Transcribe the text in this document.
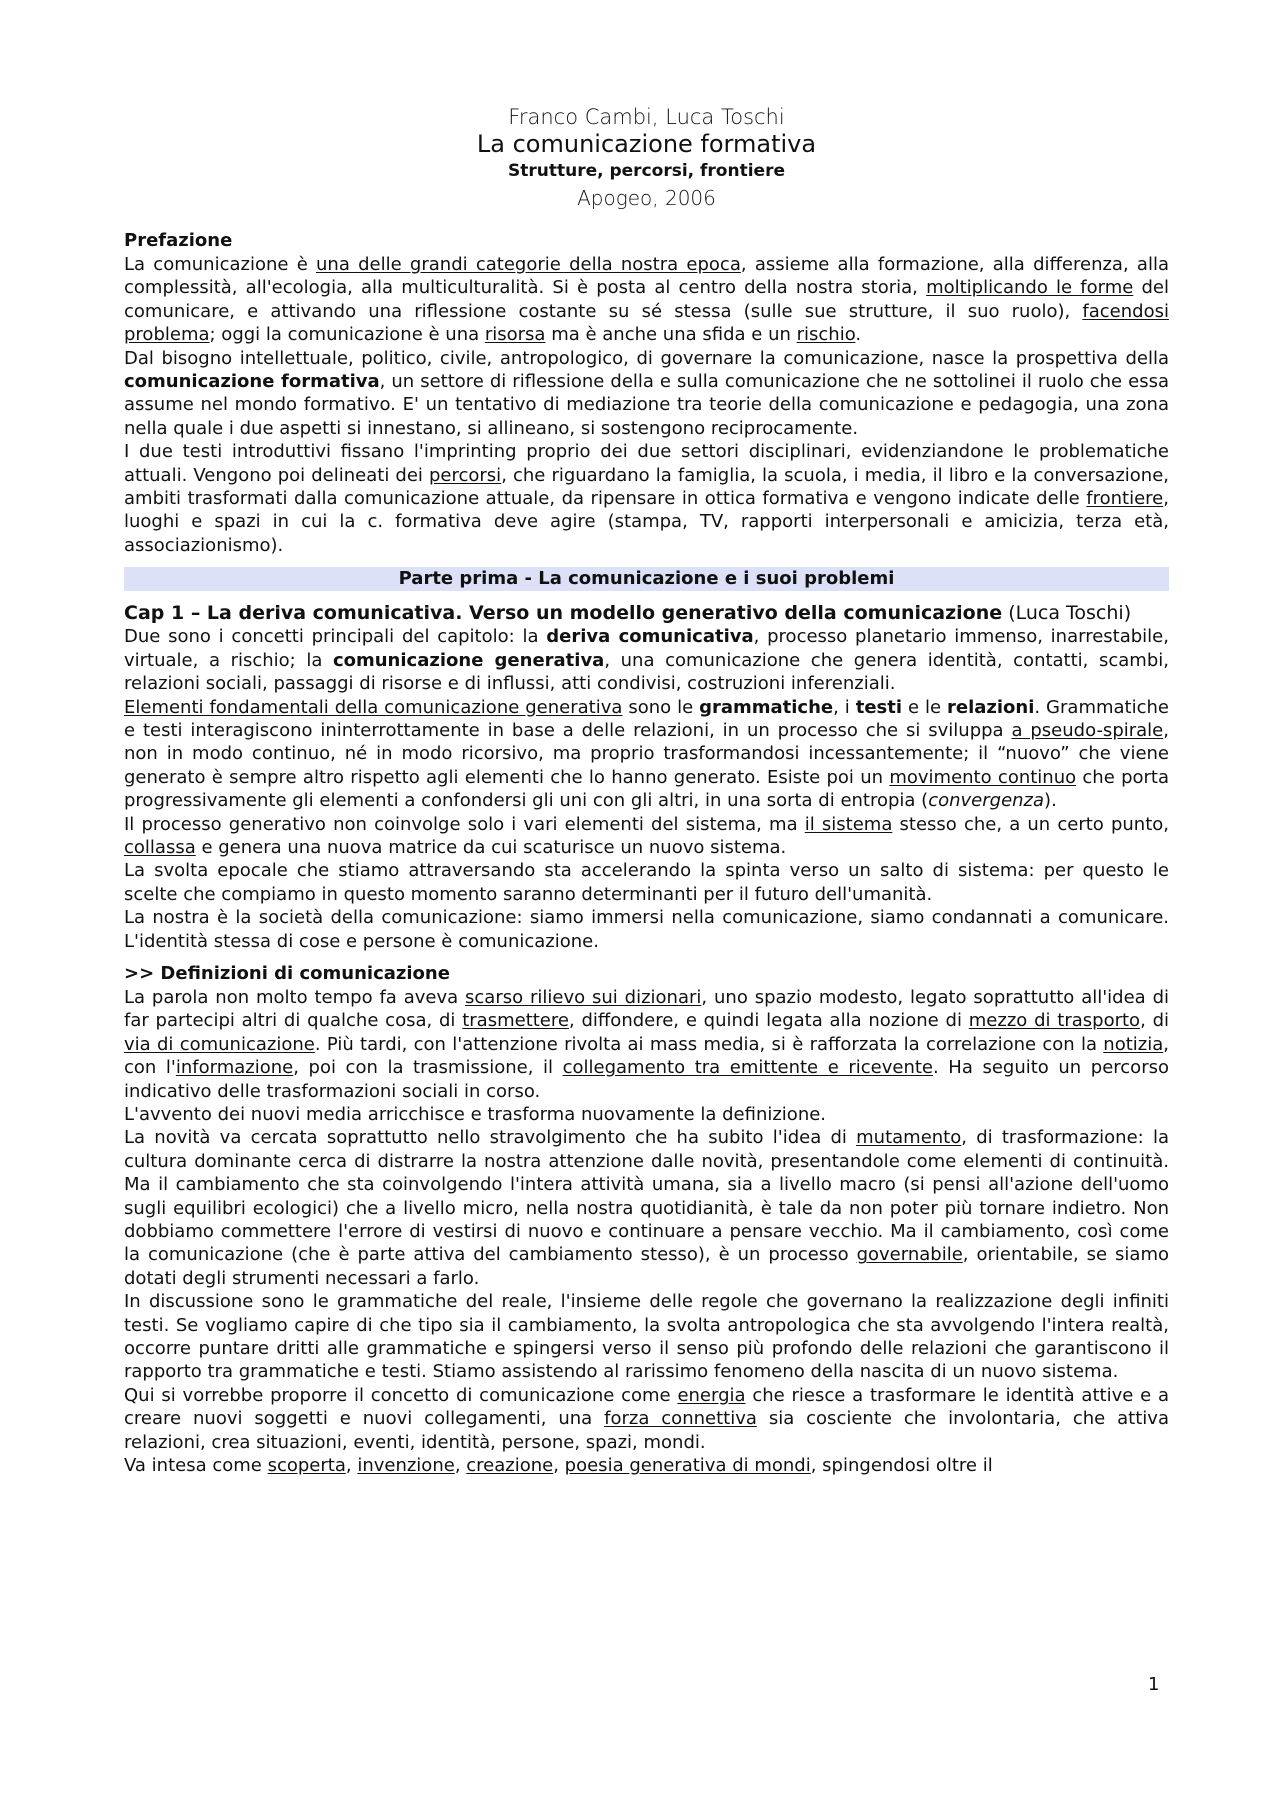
Franco Cambi, Luca Toschi
La comunicazione formativa
Strutture, percorsi, frontiere
Apogeo, 2006
Prefazione

La comunicazione è una delle grandi categorie della nostra epoca, assieme alla formazione, alla differenza, alla complessità, all'ecologia, alla multiculturalità. Si è posta al centro della nostra storia, moltiplicando le forme del comunicare, e attivando una riflessione costante su sé stessa (sulle sue strutture, il suo ruolo), facendosi problema; oggi la comunicazione è una risorsa ma è anche una sfida e un rischio.

Dal bisogno intellettuale, politico, civile, antropologico, di governare la comunicazione, nasce la prospettiva della comunicazione formativa, un settore di riflessione della e sulla comunicazione che ne sottolinei il ruolo che essa assume nel mondo formativo. E' un tentativo di mediazione tra teorie della comunicazione e pedagogia, una zona nella quale i due aspetti si innestano, si allineano, si sostengono reciprocamente.

I due testi introduttivi fissano l'imprinting proprio dei due settori disciplinari, evidenziandone le problematiche attuali. Vengono poi delineati dei percorsi, che riguardano la famiglia, la scuola, i media, il libro e la conversazione, ambiti trasformati dalla comunicazione attuale, da ripensare in ottica formativa e vengono indicate delle frontiere, luoghi e spazi in cui la c. formativa deve agire (stampa, TV, rapporti interpersonali e amicizia, terza età, associazionismo).

Parte prima - La comunicazione e i suoi problemi
Cap 1 – La deriva comunicativa. Verso un modello generativo della comunicazione (Luca Toschi)

Due sono i concetti principali del capitolo: la deriva comunicativa, processo planetario immenso, inarrestabile, virtuale, a rischio; la comunicazione generativa, una comunicazione che genera identità, contatti, scambi, relazioni sociali, passaggi di risorse e di influssi, atti condivisi, costruzioni inferenziali.

Elementi fondamentali della comunicazione generativa sono le grammatiche, i testi e le relazioni. Grammatiche e testi interagiscono ininterrottamente in base a delle relazioni, in un processo che si sviluppa a pseudo-spirale, non in modo continuo, né in modo ricorsivo, ma proprio trasformandosi incessantemente; il “nuovo” che viene generato è sempre altro rispetto agli elementi che lo hanno generato. Esiste poi un movimento continuo che porta progressivamente gli elementi a confondersi gli uni con gli altri, in una sorta di entropia (convergenza).

Il processo generativo non coinvolge solo i vari elementi del sistema, ma il sistema stesso che, a un certo punto, collassa e genera una nuova matrice da cui scaturisce un nuovo sistema.

La svolta epocale che stiamo attraversando sta accelerando la spinta verso un salto di sistema: per questo le scelte che compiamo in questo momento saranno determinanti per il futuro dell'umanità.

La nostra è la società della comunicazione: siamo immersi nella comunicazione, siamo condannati a comunicare. L'identità stessa di cose e persone è comunicazione.

>> Definizioni di comunicazione

La parola non molto tempo fa aveva scarso rilievo sui dizionari, uno spazio modesto, legato soprattutto all'idea di far partecipi altri di qualche cosa, di trasmettere, diffondere, e quindi legata alla nozione di mezzo di trasporto, di via di comunicazione. Più tardi, con l'attenzione rivolta ai mass media, si è rafforzata la correlazione con la notizia, con l'informazione, poi con la trasmissione, il collegamento tra emittente e ricevente. Ha seguito un percorso indicativo delle trasformazioni sociali in corso.

L'avvento dei nuovi media arricchisce e trasforma nuovamente la definizione.

La novità va cercata soprattutto nello stravolgimento che ha subito l'idea di mutamento, di trasformazione: la cultura dominante cerca di distrarre la nostra attenzione dalle novità, presentandole come elementi di continuità. Ma il cambiamento che sta coinvolgendo l'intera attività umana, sia a livello macro (si pensi all'azione dell'uomo sugli equilibri ecologici) che a livello micro, nella nostra quotidianità, è tale da non poter più tornare indietro. Non dobbiamo commettere l'errore di vestirsi di nuovo e continuare a pensare vecchio. Ma il cambiamento, così come la comunicazione (che è parte attiva del cambiamento stesso), è un processo governabile, orientabile, se siamo dotati degli strumenti necessari a farlo.

In discussione sono le grammatiche del reale, l'insieme delle regole che governano la realizzazione degli infiniti testi. Se vogliamo capire di che tipo sia il cambiamento, la svolta antropologica che sta avvolgendo l'intera realtà, occorre puntare dritti alle grammatiche e spingersi verso il senso più profondo delle relazioni che garantiscono il rapporto tra grammatiche e testi. Stiamo assistendo al rarissimo fenomeno della nascita di un nuovo sistema.

Qui si vorrebbe proporre il concetto di comunicazione come energia che riesce a trasformare le identità attive e a creare nuovi soggetti e nuovi collegamenti, una forza connettiva sia cosciente che involontaria, che attiva relazioni, crea situazioni, eventi, identità, persone, spazi, mondi.

Va intesa come scoperta, invenzione, creazione, poesia generativa di mondi, spingendosi oltre il

1
